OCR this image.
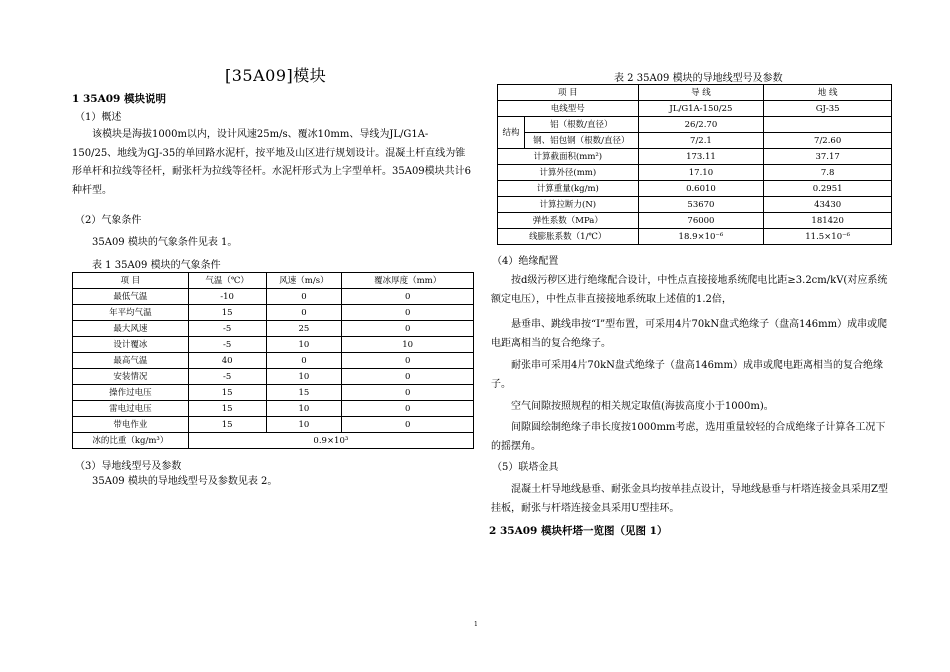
[35A09]模块
1 35A09 模块说明
（1）概述
该模块是海拔1000m以内，设计风速25m/s、覆冰10mm、导线为JL/G1A-150/25、地线为GJ-35的单回路水泥杆，按平地及山区进行规划设计。混凝土杆直线为锥形单杆和拉线等径杆，耐张杆为拉线等径杆。水泥杆形式为上字型单杆。35A09模块共计6种杆型。
（2）气象条件
35A09 模块的气象条件见表 1。
表 1 35A09 模块的气象条件
项 目	气温（℃）	风速（m/s）	覆冰厚度（mm）
最低气温	-10	0	0
年平均气温	15	0	0
最大风速	-5	25	0
设计覆冰	-5	10	10
最高气温	40	0	0
安装情况	-5	10	0
操作过电压	15	15	0
雷电过电压	15	10	0
带电作业	15	10	0
冰的比重（kg/m³）	0.9×10³		
（3）导地线型号及参数
35A09 模块的导地线型号及参数见表 2。
表 2 35A09 模块的导地线型号及参数
项 目		导 线	地 线
电线型号		JL/G1A-150/25	GJ-35
结构	铝（根数/直径）	26/2.70	
	钢、铝包钢（根数/直径）	7/2.1	7/2.60
计算截面积(mm²)		173.11	37.17
计算外径(mm)		17.10	7.8
计算重量(kg/m)		0.6010	0.2951
计算拉断力(N)		53670	43430
弹性系数（MPa）		76000	181420
线膨胀系数（1/℃）		18.9×10⁻⁶	11.5×10⁻⁶
（4）绝缘配置
按d级污秽区进行绝缘配合设计，中性点直接接地系统爬电比距≥3.2cm/kV(对应系统额定电压），中性点非直接接地系统取上述值的1.2倍，
悬垂串、跳线串按“I”型布置，可采用4片70kN盘式绝缘子（盘高146mm）成串或爬电距离相当的复合绝缘子。
耐张串可采用4片70kN盘式绝缘子（盘高146mm）成串或爬电距离相当的复合绝缘子。
空气间隙按照规程的相关规定取值(海拔高度小于1000m)。
间隙圆绘制绝缘子串长度按1000mm考虑，选用重量较轻的合成绝缘子计算各工况下的摇摆角。
（5）联塔金具
混凝土杆导地线悬垂、耐张金具均按单挂点设计，导地线悬垂与杆塔连接金具采用Z型挂板，耐张与杆塔连接金具采用U型挂环。
2 35A09 模块杆塔一览图（见图 1）
1
